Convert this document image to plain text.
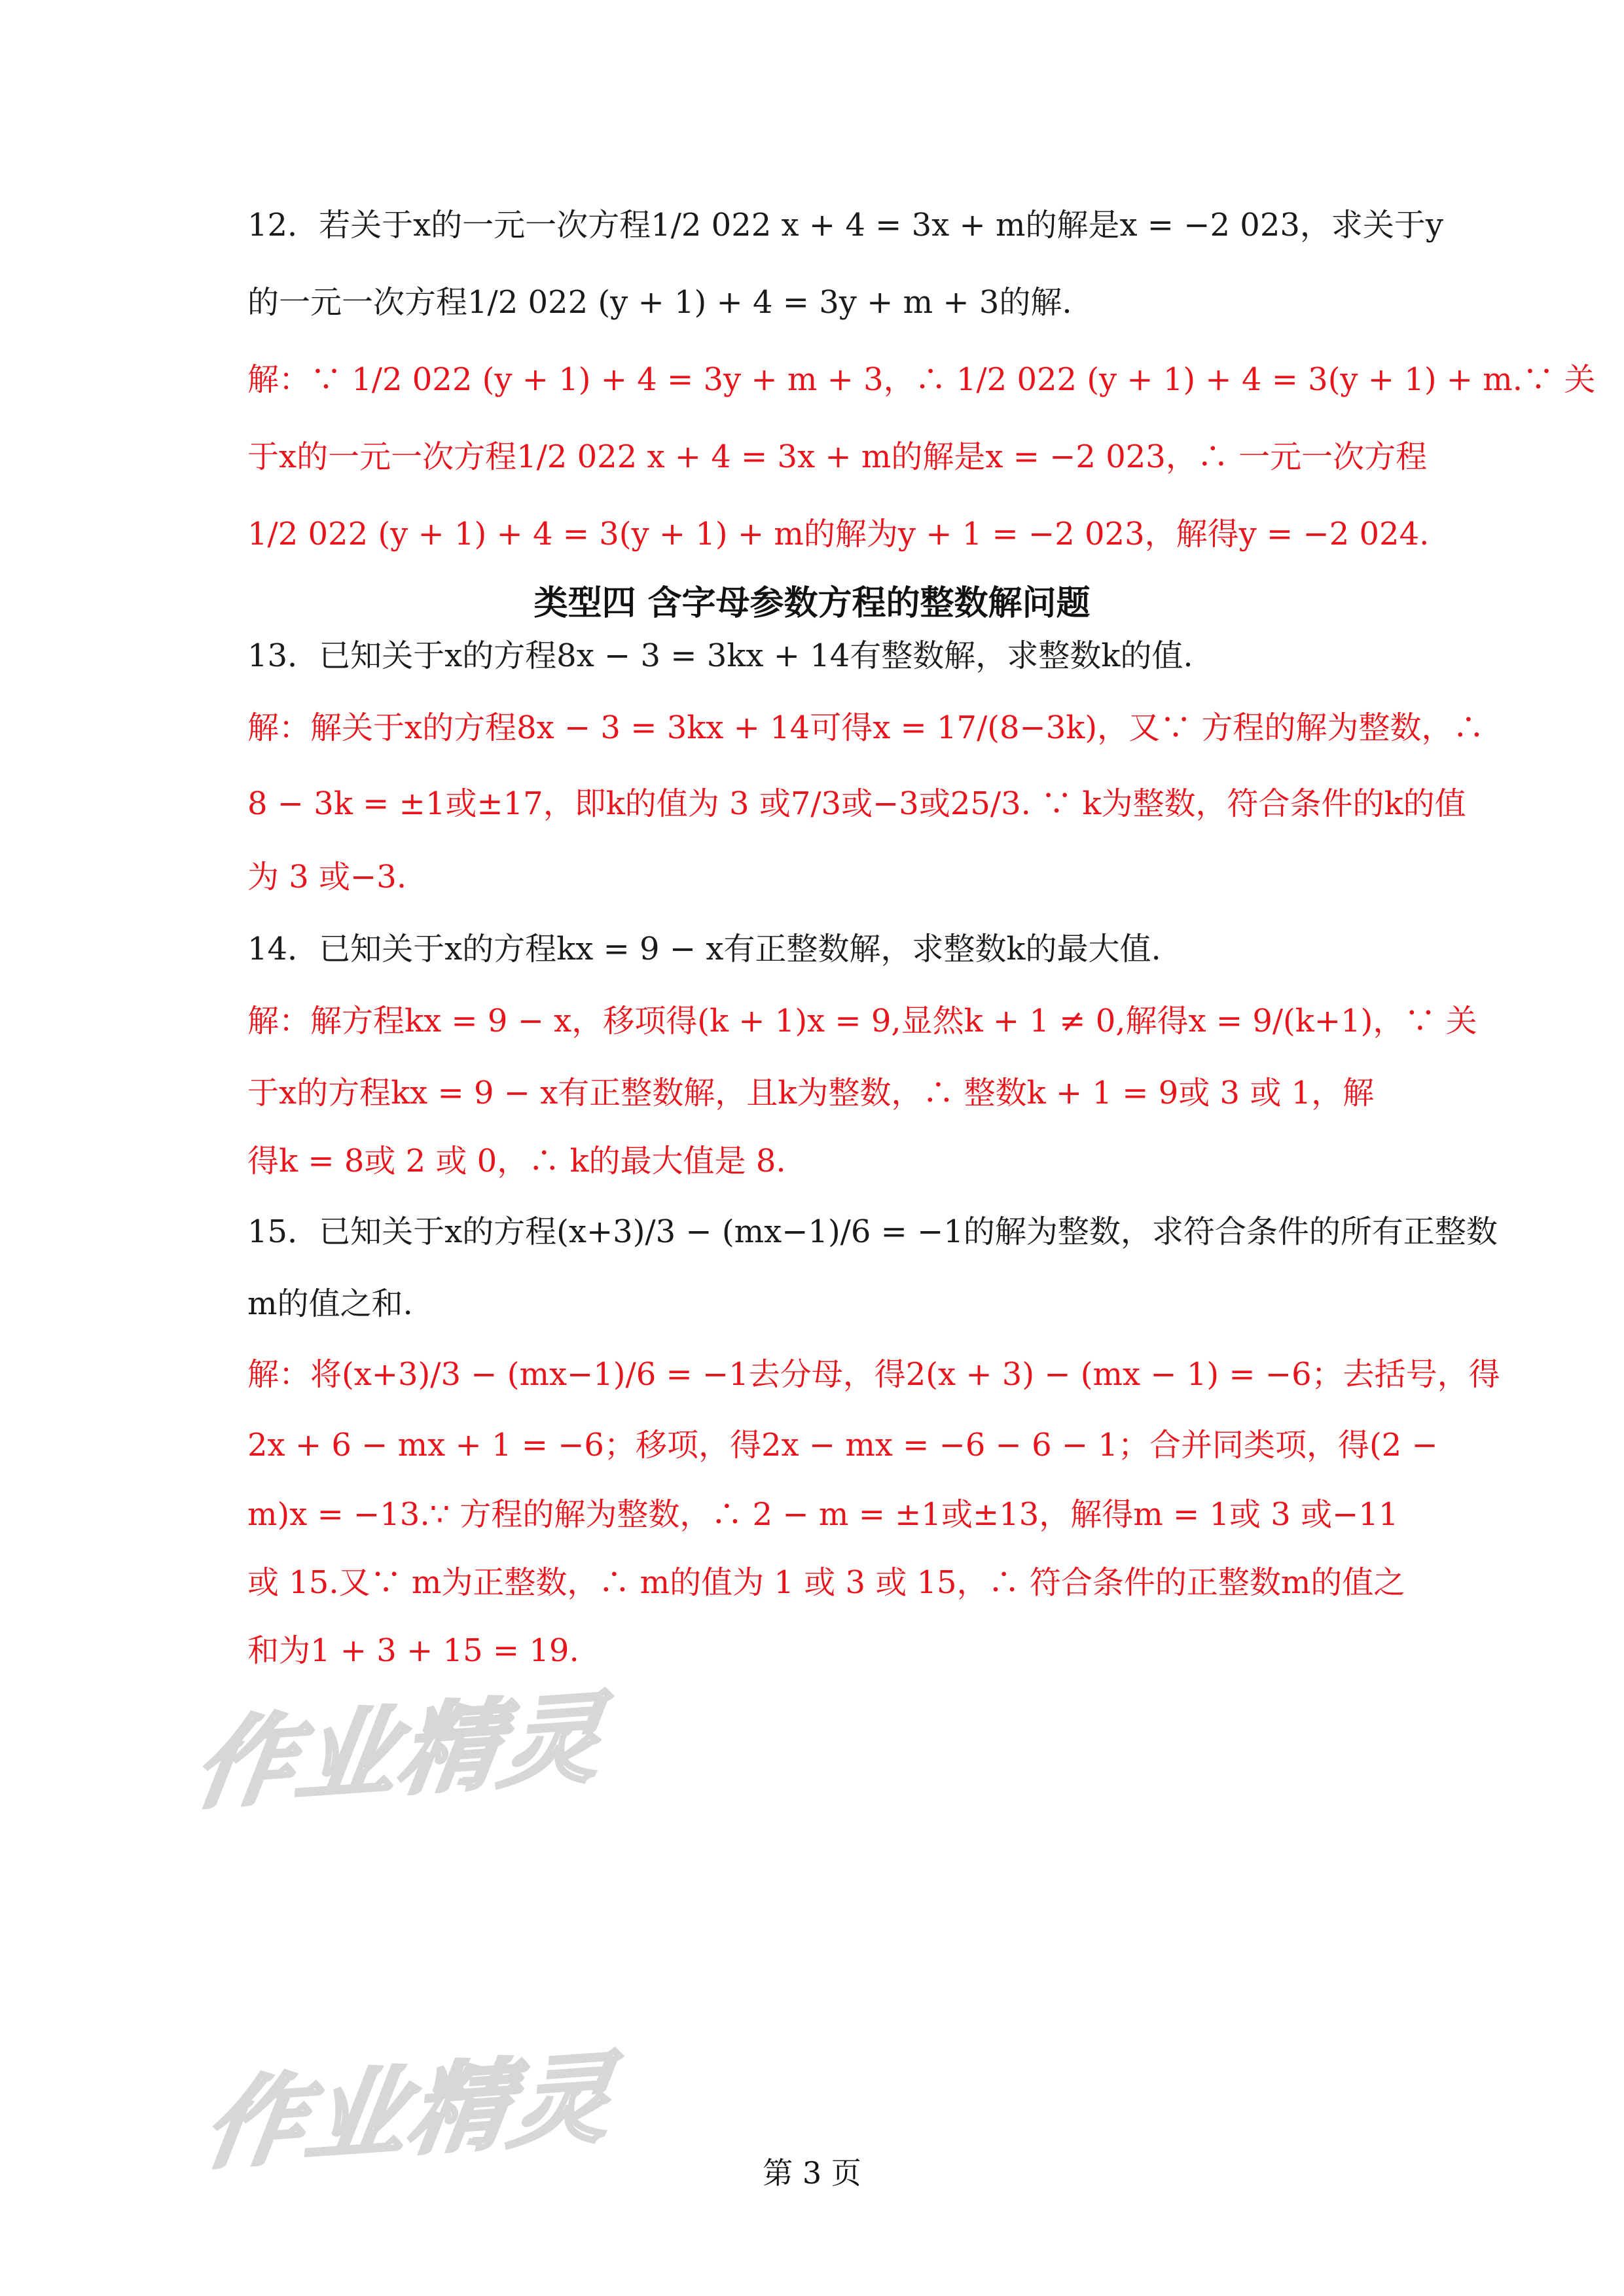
12．若关于x的一元一次方程1/2 022 x + 4 = 3x + m的解是x = −2 023，求关于y
的一元一次方程1/2 022 (y + 1) + 4 = 3y + m + 3的解.
解：∵ 1/2 022 (y + 1) + 4 = 3y + m + 3，∴ 1/2 022 (y + 1) + 4 = 3(y + 1) + m.∵ 关
于x的一元一次方程1/2 022 x + 4 = 3x + m的解是x = −2 023，∴ 一元一次方程
1/2 022 (y + 1) + 4 = 3(y + 1) + m的解为y + 1 = −2 023，解得y = −2 024.
类型四 含字母参数方程的整数解问题
13．已知关于x的方程8x − 3 = 3kx + 14有整数解，求整数k的值.
解：解关于x的方程8x − 3 = 3kx + 14可得x = 17/(8−3k)，又∵ 方程的解为整数，∴
8 − 3k = ±1或±17，即k的值为 3 或7/3或−3或25/3. ∵ k为整数，符合条件的k的值
为 3 或−3.
14．已知关于x的方程kx = 9 − x有正整数解，求整数k的最大值.
解：解方程kx = 9 − x，移项得(k + 1)x = 9,显然k + 1 ≠ 0,解得x = 9/(k+1)，∵ 关
于x的方程kx = 9 − x有正整数解，且k为整数，∴ 整数k + 1 = 9或 3 或 1，解
得k = 8或 2 或 0，∴ k的最大值是 8.
15．已知关于x的方程(x+3)/3 − (mx−1)/6 = −1的解为整数，求符合条件的所有正整数
m的值之和.
解：将(x+3)/3 − (mx−1)/6 = −1去分母，得2(x + 3) − (mx − 1) = −6；去括号，得
2x + 6 − mx + 1 = −6；移项，得2x − mx = −6 − 6 − 1；合并同类项，得(2 −
m)x = −13.∵ 方程的解为整数，∴ 2 − m = ±1或±13，解得m = 1或 3 或−11
或 15.又∵ m为正整数，∴ m的值为 1 或 3 或 15，∴ 符合条件的正整数m的值之
和为1 + 3 + 15 = 19.
作业精灵
作业精灵	第 3 页
